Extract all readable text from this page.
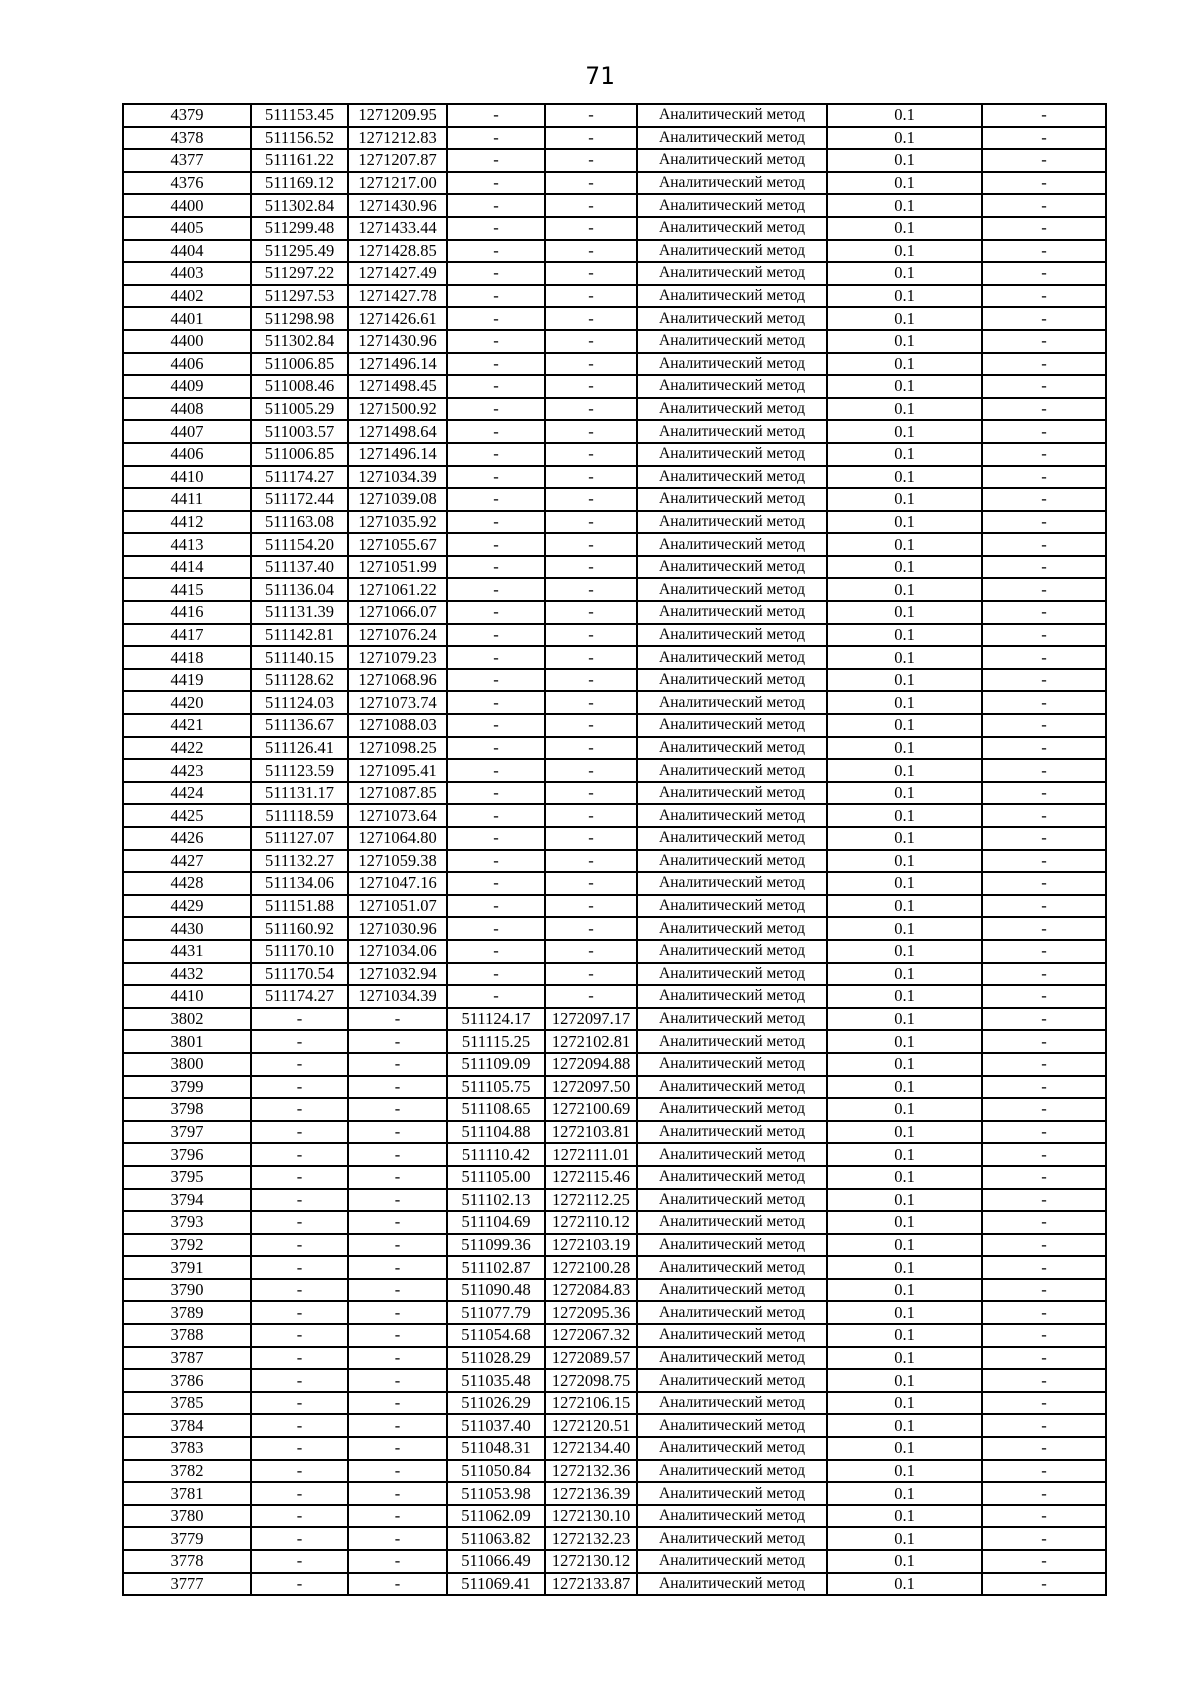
71
4379	511153.45	1271209.95	-	-	Аналитический метод	0.1	-
4378	511156.52	1271212.83	-	-	Аналитический метод	0.1	-
4377	511161.22	1271207.87	-	-	Аналитический метод	0.1	-
4376	511169.12	1271217.00	-	-	Аналитический метод	0.1	-
4400	511302.84	1271430.96	-	-	Аналитический метод	0.1	-
4405	511299.48	1271433.44	-	-	Аналитический метод	0.1	-
4404	511295.49	1271428.85	-	-	Аналитический метод	0.1	-
4403	511297.22	1271427.49	-	-	Аналитический метод	0.1	-
4402	511297.53	1271427.78	-	-	Аналитический метод	0.1	-
4401	511298.98	1271426.61	-	-	Аналитический метод	0.1	-
4400	511302.84	1271430.96	-	-	Аналитический метод	0.1	-
4406	511006.85	1271496.14	-	-	Аналитический метод	0.1	-
4409	511008.46	1271498.45	-	-	Аналитический метод	0.1	-
4408	511005.29	1271500.92	-	-	Аналитический метод	0.1	-
4407	511003.57	1271498.64	-	-	Аналитический метод	0.1	-
4406	511006.85	1271496.14	-	-	Аналитический метод	0.1	-
4410	511174.27	1271034.39	-	-	Аналитический метод	0.1	-
4411	511172.44	1271039.08	-	-	Аналитический метод	0.1	-
4412	511163.08	1271035.92	-	-	Аналитический метод	0.1	-
4413	511154.20	1271055.67	-	-	Аналитический метод	0.1	-
4414	511137.40	1271051.99	-	-	Аналитический метод	0.1	-
4415	511136.04	1271061.22	-	-	Аналитический метод	0.1	-
4416	511131.39	1271066.07	-	-	Аналитический метод	0.1	-
4417	511142.81	1271076.24	-	-	Аналитический метод	0.1	-
4418	511140.15	1271079.23	-	-	Аналитический метод	0.1	-
4419	511128.62	1271068.96	-	-	Аналитический метод	0.1	-
4420	511124.03	1271073.74	-	-	Аналитический метод	0.1	-
4421	511136.67	1271088.03	-	-	Аналитический метод	0.1	-
4422	511126.41	1271098.25	-	-	Аналитический метод	0.1	-
4423	511123.59	1271095.41	-	-	Аналитический метод	0.1	-
4424	511131.17	1271087.85	-	-	Аналитический метод	0.1	-
4425	511118.59	1271073.64	-	-	Аналитический метод	0.1	-
4426	511127.07	1271064.80	-	-	Аналитический метод	0.1	-
4427	511132.27	1271059.38	-	-	Аналитический метод	0.1	-
4428	511134.06	1271047.16	-	-	Аналитический метод	0.1	-
4429	511151.88	1271051.07	-	-	Аналитический метод	0.1	-
4430	511160.92	1271030.96	-	-	Аналитический метод	0.1	-
4431	511170.10	1271034.06	-	-	Аналитический метод	0.1	-
4432	511170.54	1271032.94	-	-	Аналитический метод	0.1	-
4410	511174.27	1271034.39	-	-	Аналитический метод	0.1	-
3802	-	-	511124.17	1272097.17	Аналитический метод	0.1	-
3801	-	-	511115.25	1272102.81	Аналитический метод	0.1	-
3800	-	-	511109.09	1272094.88	Аналитический метод	0.1	-
3799	-	-	511105.75	1272097.50	Аналитический метод	0.1	-
3798	-	-	511108.65	1272100.69	Аналитический метод	0.1	-
3797	-	-	511104.88	1272103.81	Аналитический метод	0.1	-
3796	-	-	511110.42	1272111.01	Аналитический метод	0.1	-
3795	-	-	511105.00	1272115.46	Аналитический метод	0.1	-
3794	-	-	511102.13	1272112.25	Аналитический метод	0.1	-
3793	-	-	511104.69	1272110.12	Аналитический метод	0.1	-
3792	-	-	511099.36	1272103.19	Аналитический метод	0.1	-
3791	-	-	511102.87	1272100.28	Аналитический метод	0.1	-
3790	-	-	511090.48	1272084.83	Аналитический метод	0.1	-
3789	-	-	511077.79	1272095.36	Аналитический метод	0.1	-
3788	-	-	511054.68	1272067.32	Аналитический метод	0.1	-
3787	-	-	511028.29	1272089.57	Аналитический метод	0.1	-
3786	-	-	511035.48	1272098.75	Аналитический метод	0.1	-
3785	-	-	511026.29	1272106.15	Аналитический метод	0.1	-
3784	-	-	511037.40	1272120.51	Аналитический метод	0.1	-
3783	-	-	511048.31	1272134.40	Аналитический метод	0.1	-
3782	-	-	511050.84	1272132.36	Аналитический метод	0.1	-
3781	-	-	511053.98	1272136.39	Аналитический метод	0.1	-
3780	-	-	511062.09	1272130.10	Аналитический метод	0.1	-
3779	-	-	511063.82	1272132.23	Аналитический метод	0.1	-
3778	-	-	511066.49	1272130.12	Аналитический метод	0.1	-
3777	-	-	511069.41	1272133.87	Аналитический метод	0.1	-
